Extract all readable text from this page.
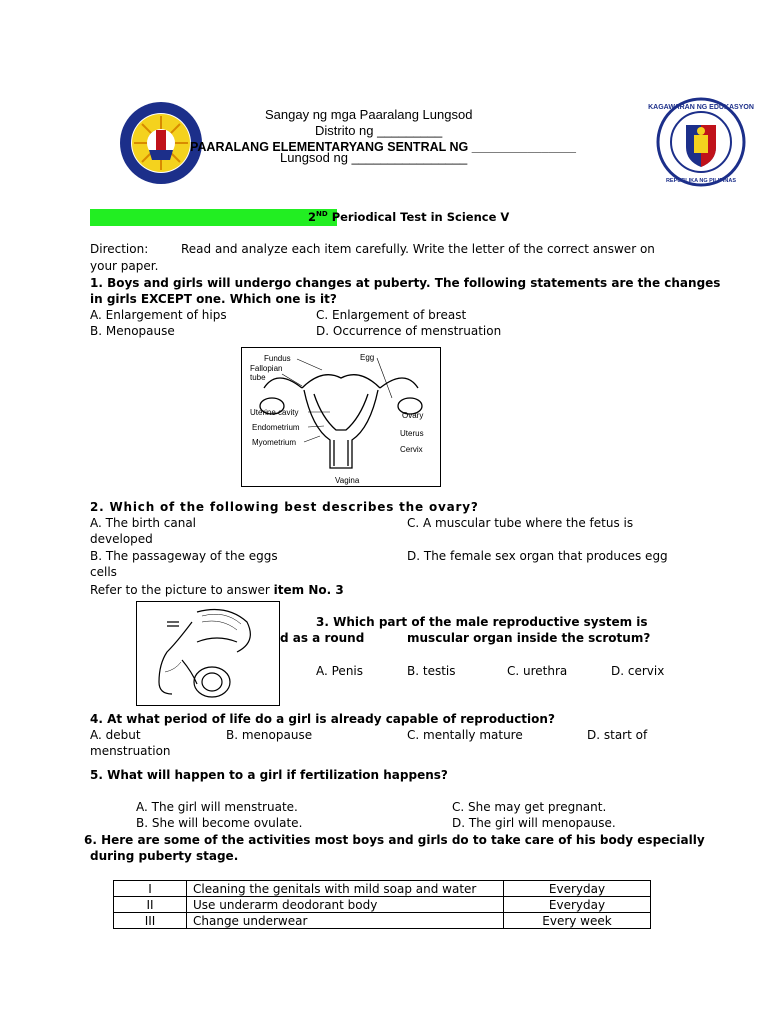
KAGAWARAN NG EDUKASYON
REPUBLIKA NG PILIPINAS
Sangay ng mga Paaralang Lungsod
Distrito ng _________
PAARALANG ELEMENTARYANG SENTRAL NG _______________
Lungsod ng ________________
2ND Periodical Test in Science V
Direction:	Read and analyze each item carefully. Write the letter of the correct answer on
your paper.
1. Boys and girls will undergo changes at puberty. The following statements are the changes
in girls EXCEPT one. Which one is it?
A. Enlargement of hips	C. Enlargement of breast
B. Menopause	D. Occurrence of menstruation
Fundus
Fallopian
tube
Egg
Uterine cavity
Endometrium
Myometrium
Ovary
Uterus
Cervix
Vagina
2. Which of the following best describes the ovary?
A. The birth canal	C. A muscular tube where the fetus is
developed
B. The passageway of the eggs	D. The female sex organ that produces egg
cells
Refer to the picture to answer item No. 3
3. Which part of the male reproductive system is
d as a round	muscular organ inside the scrotum?
A. Penis	B. testis	C. urethra	D. cervix
4. At what period of life do a girl is already capable of reproduction?
A. debut	B. menopause	C. mentally mature	D. start of
menstruation
5. What will happen to a girl if fertilization happens?
A. The girl will menstruate.	C. She may get pregnant.
B. She will become ovulate.	D. The girl will menopause.
6. Here are some of the activities most boys and girls do to take care of his body especially
during puberty stage.
I	Cleaning the genitals with mild soap and water	Everyday
II	Use underarm deodorant body	Everyday
III	Change underwear	Every week
